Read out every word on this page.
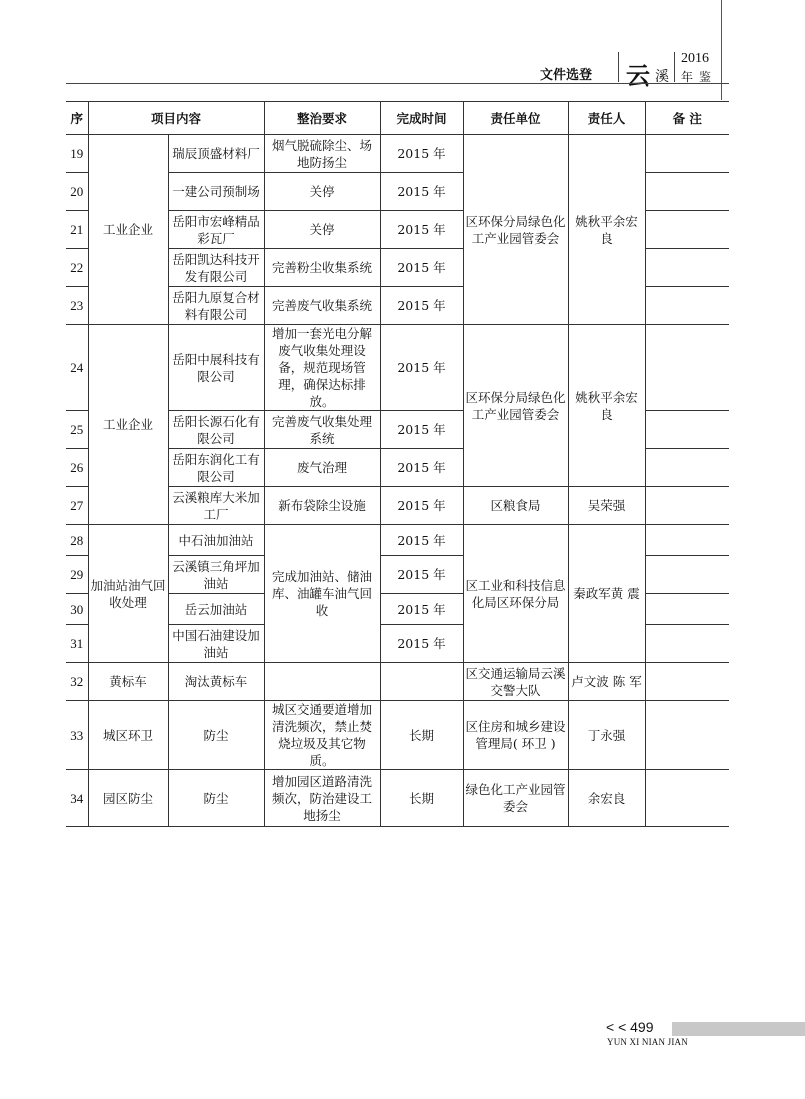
文件选登 云 溪
2016
年鉴
序	项目内容		整治要求	完成时间	责任单位	责任人	备 注
19	工业企业	瑞辰顶盛材料厂	烟气脱硫除尘、场地防扬尘	2015 年	区环保分局绿色化工产业园管委会	姚秋平余宏良	
20		一建公司预制场	关停	2015 年			
21		岳阳市宏峰精品彩瓦厂	关停	2015 年			
22		岳阳凯达科技开发有限公司	完善粉尘收集系统	2015 年			
23		岳阳九原复合材料有限公司	完善废气收集系统	2015 年			
24	工业企业	岳阳中展科技有限公司	增加一套光电分解废气收集处理设备，规范现场管理，确保达标排放。	2015 年	区环保分局绿色化工产业园管委会	姚秋平余宏良	
25		岳阳长源石化有限公司	完善废气收集处理系统	2015 年			
26		岳阳东润化工有限公司	废气治理	2015 年			
27		云溪粮库大米加工厂	新布袋除尘设施	2015 年	区粮食局	吴荣强	
28	加油站油气回收处理	中石油加油站	完成加油站、储油库、油罐车油气回收	2015 年	区工业和科技信息化局区环保分局	秦政军黄 震	
29		云溪镇三角坪加油站		2015 年			
30		岳云加油站		2015 年			
31		中国石油建设加油站		2015 年			
32	黄标车	淘汰黄标车			区交通运输局云溪交警大队	卢文波 陈 军	
33	城区环卫	防尘	城区交通要道增加清洗频次，禁止焚烧垃圾及其它物质。	长期	区住房和城乡建设管理局( 环卫 )	丁永强	
34	园区防尘	防尘	增加园区道路清洗频次，防治建设工地扬尘	长期	绿色化工产业园管委会	余宏良	
< < 499
YUN XI NIAN JIAN
